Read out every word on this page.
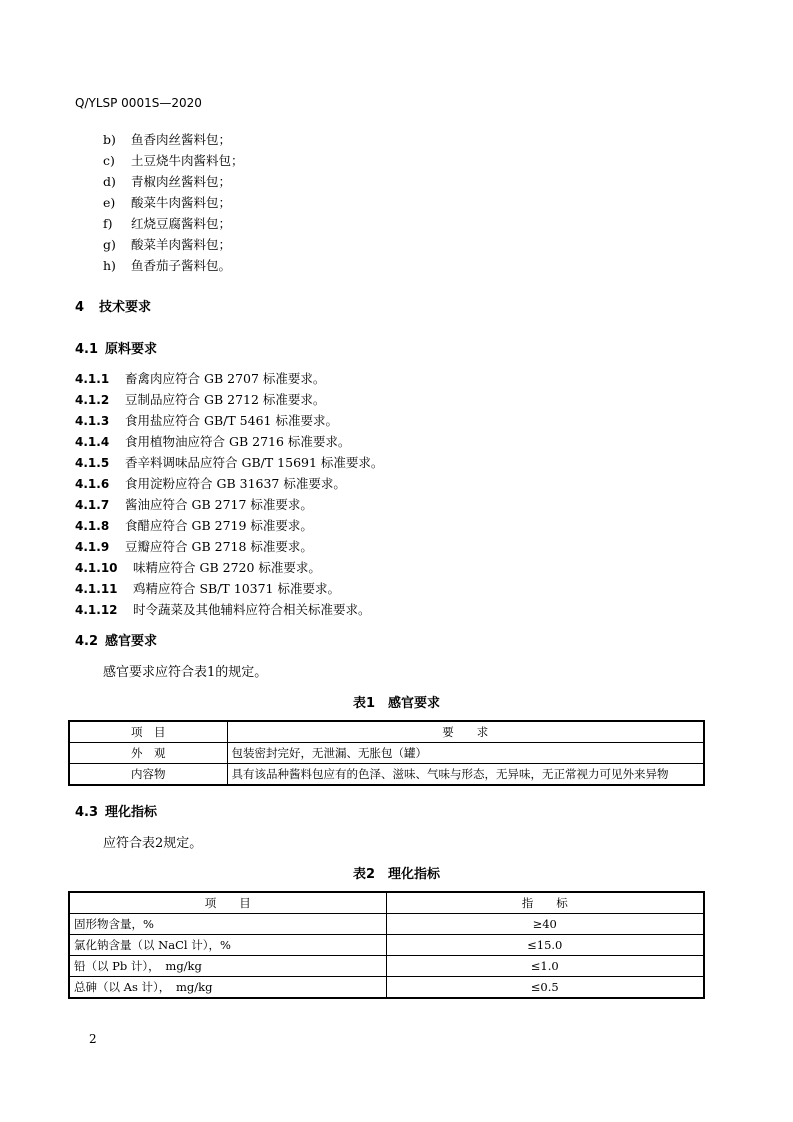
Q/YLSP 0001S—2020
b) 鱼香肉丝酱料包；
c) 土豆烧牛肉酱料包；
d) 青椒肉丝酱料包；
e) 酸菜牛肉酱料包；
f) 红烧豆腐酱料包；
g) 酸菜羊肉酱料包；
h) 鱼香茄子酱料包。
4 技术要求
4.1 原料要求
4.1.1 畜禽肉应符合 GB 2707 标准要求。
4.1.2 豆制品应符合 GB 2712 标准要求。
4.1.3 食用盐应符合 GB/T 5461 标准要求。
4.1.4 食用植物油应符合 GB 2716 标准要求。
4.1.5 香辛料调味品应符合 GB/T 15691 标准要求。
4.1.6 食用淀粉应符合 GB 31637 标准要求。
4.1.7 酱油应符合 GB 2717 标准要求。
4.1.8 食醋应符合 GB 2719 标准要求。
4.1.9 豆瓣应符合 GB 2718 标准要求。
4.1.10 味精应符合 GB 2720 标准要求。
4.1.11 鸡精应符合 SB/T 10371 标准要求。
4.1.12 时令蔬菜及其他辅料应符合相关标准要求。
4.2 感官要求
感官要求应符合表1的规定。
表1　感官要求
项　目	要　　求
外　观	包装密封完好，无泄漏、无胀包（罐）
内容物	具有该品种酱料包应有的色泽、滋味、气味与形态，无异味，无正常视力可见外来异物
4.3 理化指标
应符合表2规定。
表2　理化指标
项　　目	指　　标
固形物含量，%	≥40
氯化钠含量（以 NaCl 计），%	≤15.0
铅（以 Pb 计），　mg/kg	≤1.0
总砷（以 As 计），　mg/kg	≤0.5
2
